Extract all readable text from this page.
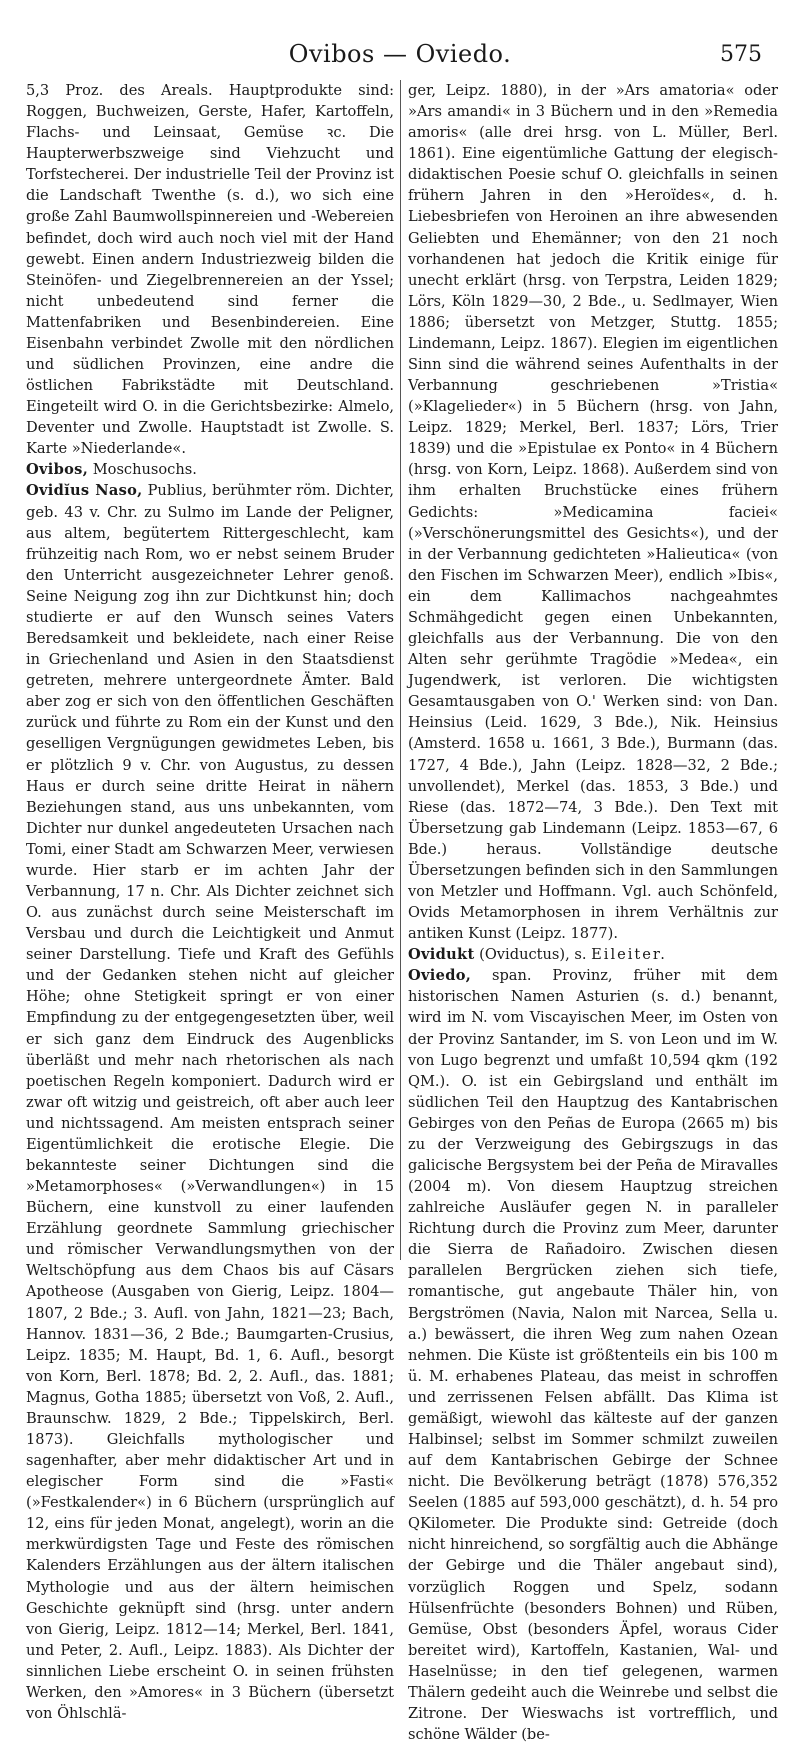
Ovibos — Oviedo.	575

5,3 Proz. des Areals. Hauptprodukte sind: Roggen, Buchweizen, Gerste, Hafer, Kartoffeln, Flachs- und Leinsaat, Gemüse ꝛc. Die Haupterwerbszweige sind Viehzucht und Torfstecherei. Der industrielle Teil der Provinz ist die Landschaft Twenthe (s. d.), wo sich eine große Zahl Baumwollspinnereien und -Webereien befindet, doch wird auch noch viel mit der Hand gewebt. Einen andern Industriezweig bilden die Steinöfen- und Ziegelbrennereien an der Yssel; nicht unbedeutend sind ferner die Mattenfabriken und Besenbindereien. Eine Eisenbahn verbindet Zwolle mit den nördlichen und südlichen Provinzen, eine andre die östlichen Fabrikstädte mit Deutschland. Eingeteilt wird O. in die Gerichtsbezirke: Almelo, Deventer und Zwolle. Hauptstadt ist Zwolle. S. Karte »Niederlande«.

Ovibos, Moschusochs.

Ovidĭus Naso, Publius, berühmter röm. Dichter, geb. 43 v. Chr. zu Sulmo im Lande der Peligner, aus altem, begütertem Rittergeschlecht, kam frühzeitig nach Rom, wo er nebst seinem Bruder den Unterricht ausgezeichneter Lehrer genoß. Seine Neigung zog ihn zur Dichtkunst hin; doch studierte er auf den Wunsch seines Vaters Beredsamkeit und bekleidete, nach einer Reise in Griechenland und Asien in den Staatsdienst getreten, mehrere untergeordnete Ämter. Bald aber zog er sich von den öffentlichen Geschäften zurück und führte zu Rom ein der Kunst und den geselligen Vergnügungen gewidmetes Leben, bis er plötzlich 9 v. Chr. von Augustus, zu dessen Haus er durch seine dritte Heirat in nähern Beziehungen stand, aus uns unbekannten, vom Dichter nur dunkel angedeuteten Ursachen nach Tomi, einer Stadt am Schwarzen Meer, verwiesen wurde. Hier starb er im achten Jahr der Verbannung, 17 n. Chr. Als Dichter zeichnet sich O. aus zunächst durch seine Meisterschaft im Versbau und durch die Leichtigkeit und Anmut seiner Darstellung. Tiefe und Kraft des Gefühls und der Gedanken stehen nicht auf gleicher Höhe; ohne Stetigkeit springt er von einer Empfindung zu der entgegengesetzten über, weil er sich ganz dem Eindruck des Augenblicks überläßt und mehr nach rhetorischen als nach poetischen Regeln komponiert. Dadurch wird er zwar oft witzig und geistreich, oft aber auch leer und nichtssagend. Am meisten entsprach seiner Eigentümlichkeit die erotische Elegie. Die bekannteste seiner Dichtungen sind die »Metamorphoses« (»Verwandlungen«) in 15 Büchern, eine kunstvoll zu einer laufenden Erzählung geordnete Sammlung griechischer und römischer Verwandlungsmythen von der Weltschöpfung aus dem Chaos bis auf Cäsars Apotheose (Ausgaben von Gierig, Leipz. 1804—1807, 2 Bde.; 3. Aufl. von Jahn, 1821—23; Bach, Hannov. 1831—36, 2 Bde.; Baumgarten-Crusius, Leipz. 1835; M. Haupt, Bd. 1, 6. Aufl., besorgt von Korn, Berl. 1878; Bd. 2, 2. Aufl., das. 1881; Magnus, Gotha 1885; übersetzt von Voß, 2. Aufl., Braunschw. 1829, 2 Bde.; Tippelskirch, Berl. 1873). Gleichfalls mythologischer und sagenhafter, aber mehr didaktischer Art und in elegischer Form sind die »Fasti« (»Festkalender«) in 6 Büchern (ursprünglich auf 12, eins für jeden Monat, angelegt), worin an die merkwürdigsten Tage und Feste des römischen Kalenders Erzählungen aus der ältern italischen Mythologie und aus der ältern heimischen Geschichte geknüpft sind (hrsg. unter andern von Gierig, Leipz. 1812—14; Merkel, Berl. 1841, und Peter, 2. Aufl., Leipz. 1883). Als Dichter der sinnlichen Liebe erscheint O. in seinen frühsten Werken, den »Amores« in 3 Büchern (übersetzt von Öhlschlä-

ger, Leipz. 1880), in der »Ars amatoria« oder »Ars amandi« in 3 Büchern und in den »Remedia amoris« (alle drei hrsg. von L. Müller, Berl. 1861). Eine eigentümliche Gattung der elegisch-didaktischen Poesie schuf O. gleichfalls in seinen frühern Jahren in den »Heroïdes«, d. h. Liebesbriefen von Heroinen an ihre abwesenden Geliebten und Ehemänner; von den 21 noch vorhandenen hat jedoch die Kritik einige für unecht erklärt (hrsg. von Terpstra, Leiden 1829; Lörs, Köln 1829—30, 2 Bde., u. Sedlmayer, Wien 1886; übersetzt von Metzger, Stuttg. 1855; Lindemann, Leipz. 1867). Elegien im eigentlichen Sinn sind die während seines Aufenthalts in der Verbannung geschriebenen »Tristia« (»Klagelieder«) in 5 Büchern (hrsg. von Jahn, Leipz. 1829; Merkel, Berl. 1837; Lörs, Trier 1839) und die »Epistulae ex Ponto« in 4 Büchern (hrsg. von Korn, Leipz. 1868). Außerdem sind von ihm erhalten Bruchstücke eines frühern Gedichts: »Medicamina faciei« (»Verschönerungsmittel des Gesichts«), und der in der Verbannung gedichteten »Halieutica« (von den Fischen im Schwarzen Meer), endlich »Ibis«, ein dem Kallimachos nachgeahmtes Schmähgedicht gegen einen Unbekannten, gleichfalls aus der Verbannung. Die von den Alten sehr gerühmte Tragödie »Medea«, ein Jugendwerk, ist verloren. Die wichtigsten Gesamtausgaben von O.' Werken sind: von Dan. Heinsius (Leid. 1629, 3 Bde.), Nik. Heinsius (Amsterd. 1658 u. 1661, 3 Bde.), Burmann (das. 1727, 4 Bde.), Jahn (Leipz. 1828—32, 2 Bde.; unvollendet), Merkel (das. 1853, 3 Bde.) und Riese (das. 1872—74, 3 Bde.). Den Text mit Übersetzung gab Lindemann (Leipz. 1853—67, 6 Bde.) heraus. Vollständige deutsche Übersetzungen befinden sich in den Sammlungen von Metzler und Hoffmann. Vgl. auch Schönfeld, Ovids Metamorphosen in ihrem Verhältnis zur antiken Kunst (Leipz. 1877).

Ovidukt (Oviductus), s. Eileiter.

Oviedo, span. Provinz, früher mit dem historischen Namen Asturien (s. d.) benannt, wird im N. vom Viscayischen Meer, im Osten von der Provinz Santander, im S. von Leon und im W. von Lugo begrenzt und umfaßt 10,594 qkm (192 QM.). O. ist ein Gebirgsland und enthält im südlichen Teil den Hauptzug des Kantabrischen Gebirges von den Peñas de Europa (2665 m) bis zu der Verzweigung des Gebirgszugs in das galicische Bergsystem bei der Peña de Miravalles (2004 m). Von diesem Hauptzug streichen zahlreiche Ausläufer gegen N. in paralleler Richtung durch die Provinz zum Meer, darunter die Sierra de Rañadoiro. Zwischen diesen parallelen Bergrücken ziehen sich tiefe, romantische, gut angebaute Thäler hin, von Bergströmen (Navia, Nalon mit Narcea, Sella u. a.) bewässert, die ihren Weg zum nahen Ozean nehmen. Die Küste ist größtenteils ein bis 100 m ü. M. erhabenes Plateau, das meist in schroffen und zerrissenen Felsen abfällt. Das Klima ist gemäßigt, wiewohl das kälteste auf der ganzen Halbinsel; selbst im Sommer schmilzt zuweilen auf dem Kantabrischen Gebirge der Schnee nicht. Die Bevölkerung beträgt (1878) 576,352 Seelen (1885 auf 593,000 geschätzt), d. h. 54 pro QKilometer. Die Produkte sind: Getreide (doch nicht hinreichend, so sorgfältig auch die Abhänge der Gebirge und die Thäler angebaut sind), vorzüglich Roggen und Spelz, sodann Hülsenfrüchte (besonders Bohnen) und Rüben, Gemüse, Obst (besonders Äpfel, woraus Cider bereitet wird), Kartoffeln, Kastanien, Wal- und Haselnüsse; in den tief gelegenen, warmen Thälern gedeiht auch die Weinrebe und selbst die Zitrone. Der Wieswachs ist vortrefflich, und schöne Wälder (be-
